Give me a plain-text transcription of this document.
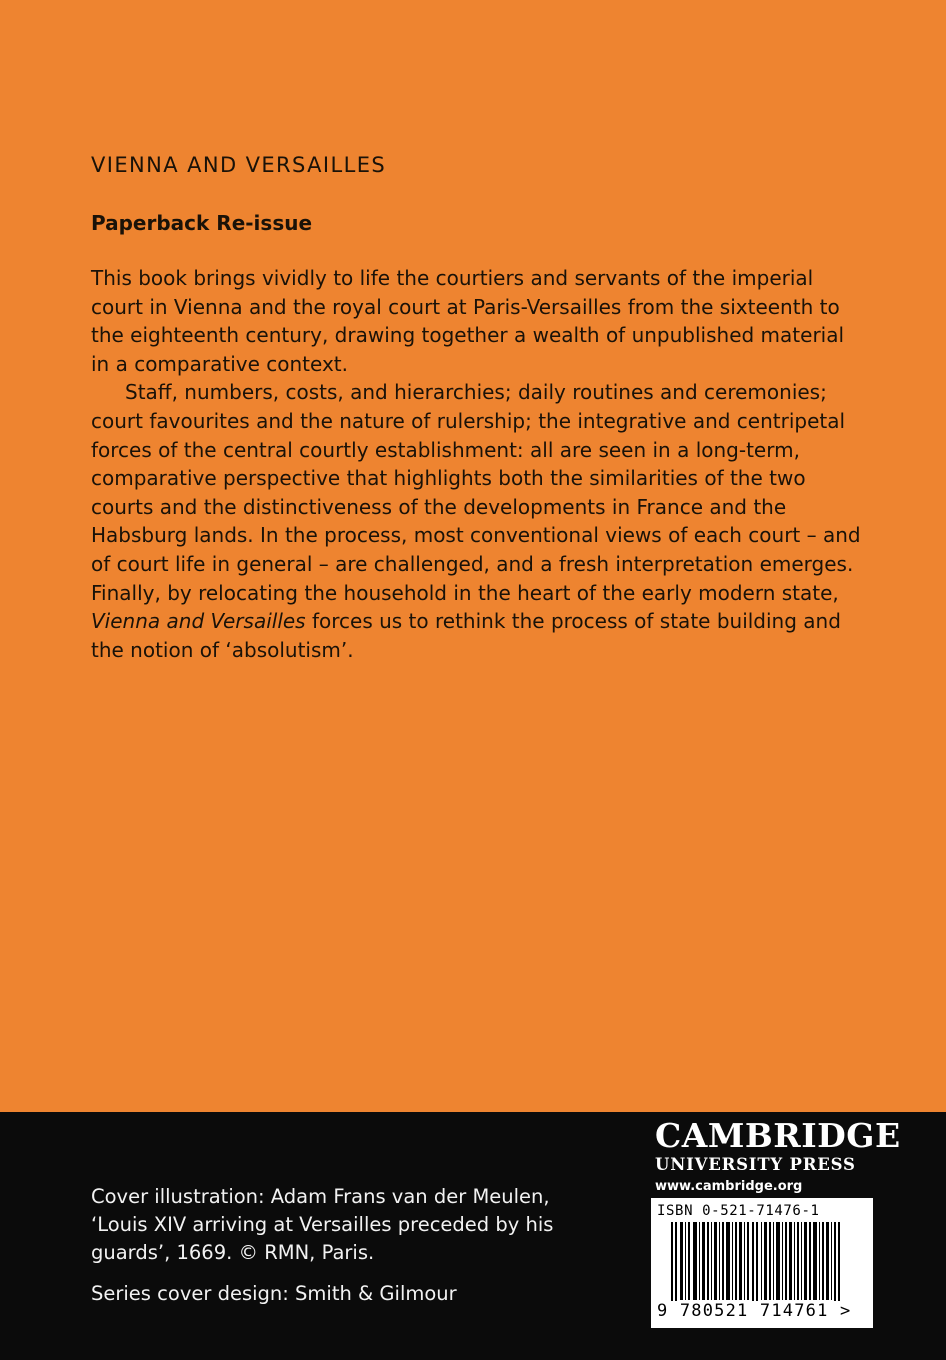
VIENNA AND VERSAILLES
Paperback Re-issue

This book brings vividly to life the courtiers and servants of the imperial court in Vienna and the royal court at Paris-Versailles from the sixteenth to the eighteenth century, drawing together a wealth of unpublished material in a comparative context.

Staff, numbers, costs, and hierarchies; daily routines and ceremonies; court favourites and the nature of rulership; the integrative and centripetal forces of the central courtly establishment: all are seen in a long-term, comparative perspective that highlights both the similarities of the two courts and the distinctiveness of the developments in France and the Habsburg lands. In the process, most conventional views of each court – and of court life in general – are challenged, and a fresh interpretation emerges. Finally, by relocating the household in the heart of the early modern state, Vienna and Versailles forces us to rethink the process of state building and the notion of ‘absolutism’.

Cover illustration: Adam Frans van der Meulen, ‘Louis XIV arriving at Versailles preceded by his guards’, 1669. © RMN, Paris.
Series cover design: Smith & Gilmour
CAMBRIDGE
UNIVERSITY PRESS
www.cambridge.org
ISBN 0-521-71476-1
9 780521 714761 >
